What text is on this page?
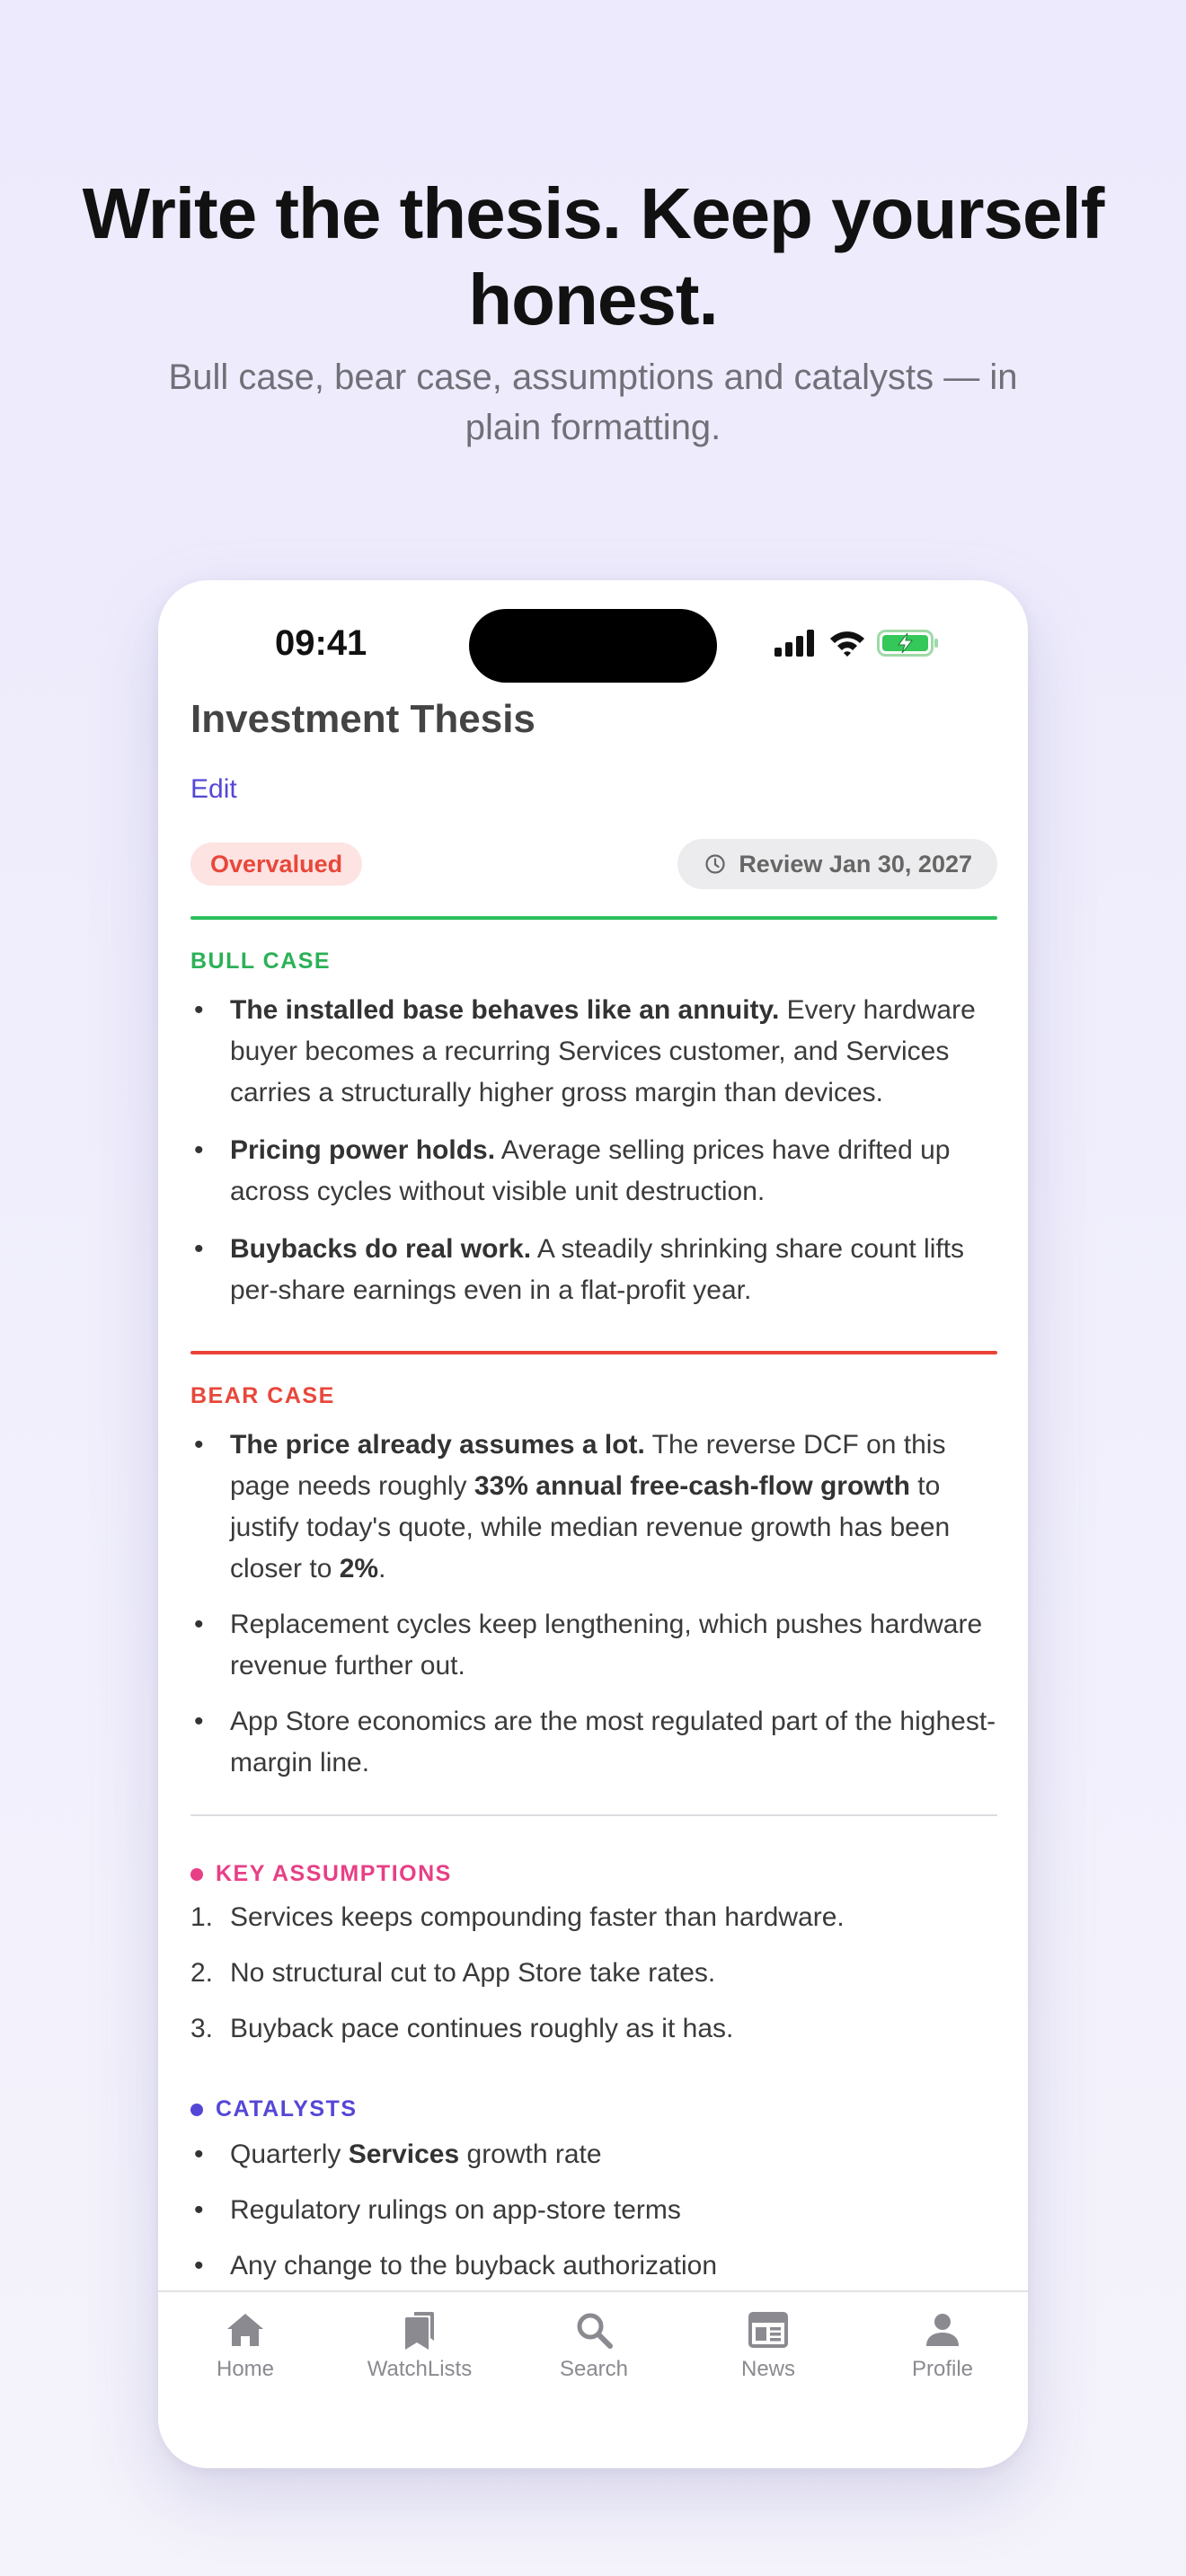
Write the thesis. Keep yourself honest.
Bull case, bear case, assumptions and catalysts — in plain formatting.
09:41
Investment Thesis
Edit
Overvalued	Review Jan 30, 2027
BULL CASE
• The installed base behaves like an annuity. Every hardware buyer becomes a recurring Services customer, and Services carries a structurally higher gross margin than devices.
• Pricing power holds. Average selling prices have drifted up across cycles without visible unit destruction.
• Buybacks do real work. A steadily shrinking share count lifts per-share earnings even in a flat-profit year.
BEAR CASE
• The price already assumes a lot. The reverse DCF on this page needs roughly 33% annual free-cash-flow growth to justify today's quote, while median revenue growth has been closer to 2%.
• Replacement cycles keep lengthening, which pushes hardware revenue further out.
• App Store economics are the most regulated part of the highest-margin line.
KEY ASSUMPTIONS
1. Services keeps compounding faster than hardware.
2. No structural cut to App Store take rates.
3. Buyback pace continues roughly as it has.
CATALYSTS
• Quarterly Services growth rate
• Regulatory rulings on app-store terms
• Any change to the buyback authorization
Home	WatchLists	Search	News	Profile
